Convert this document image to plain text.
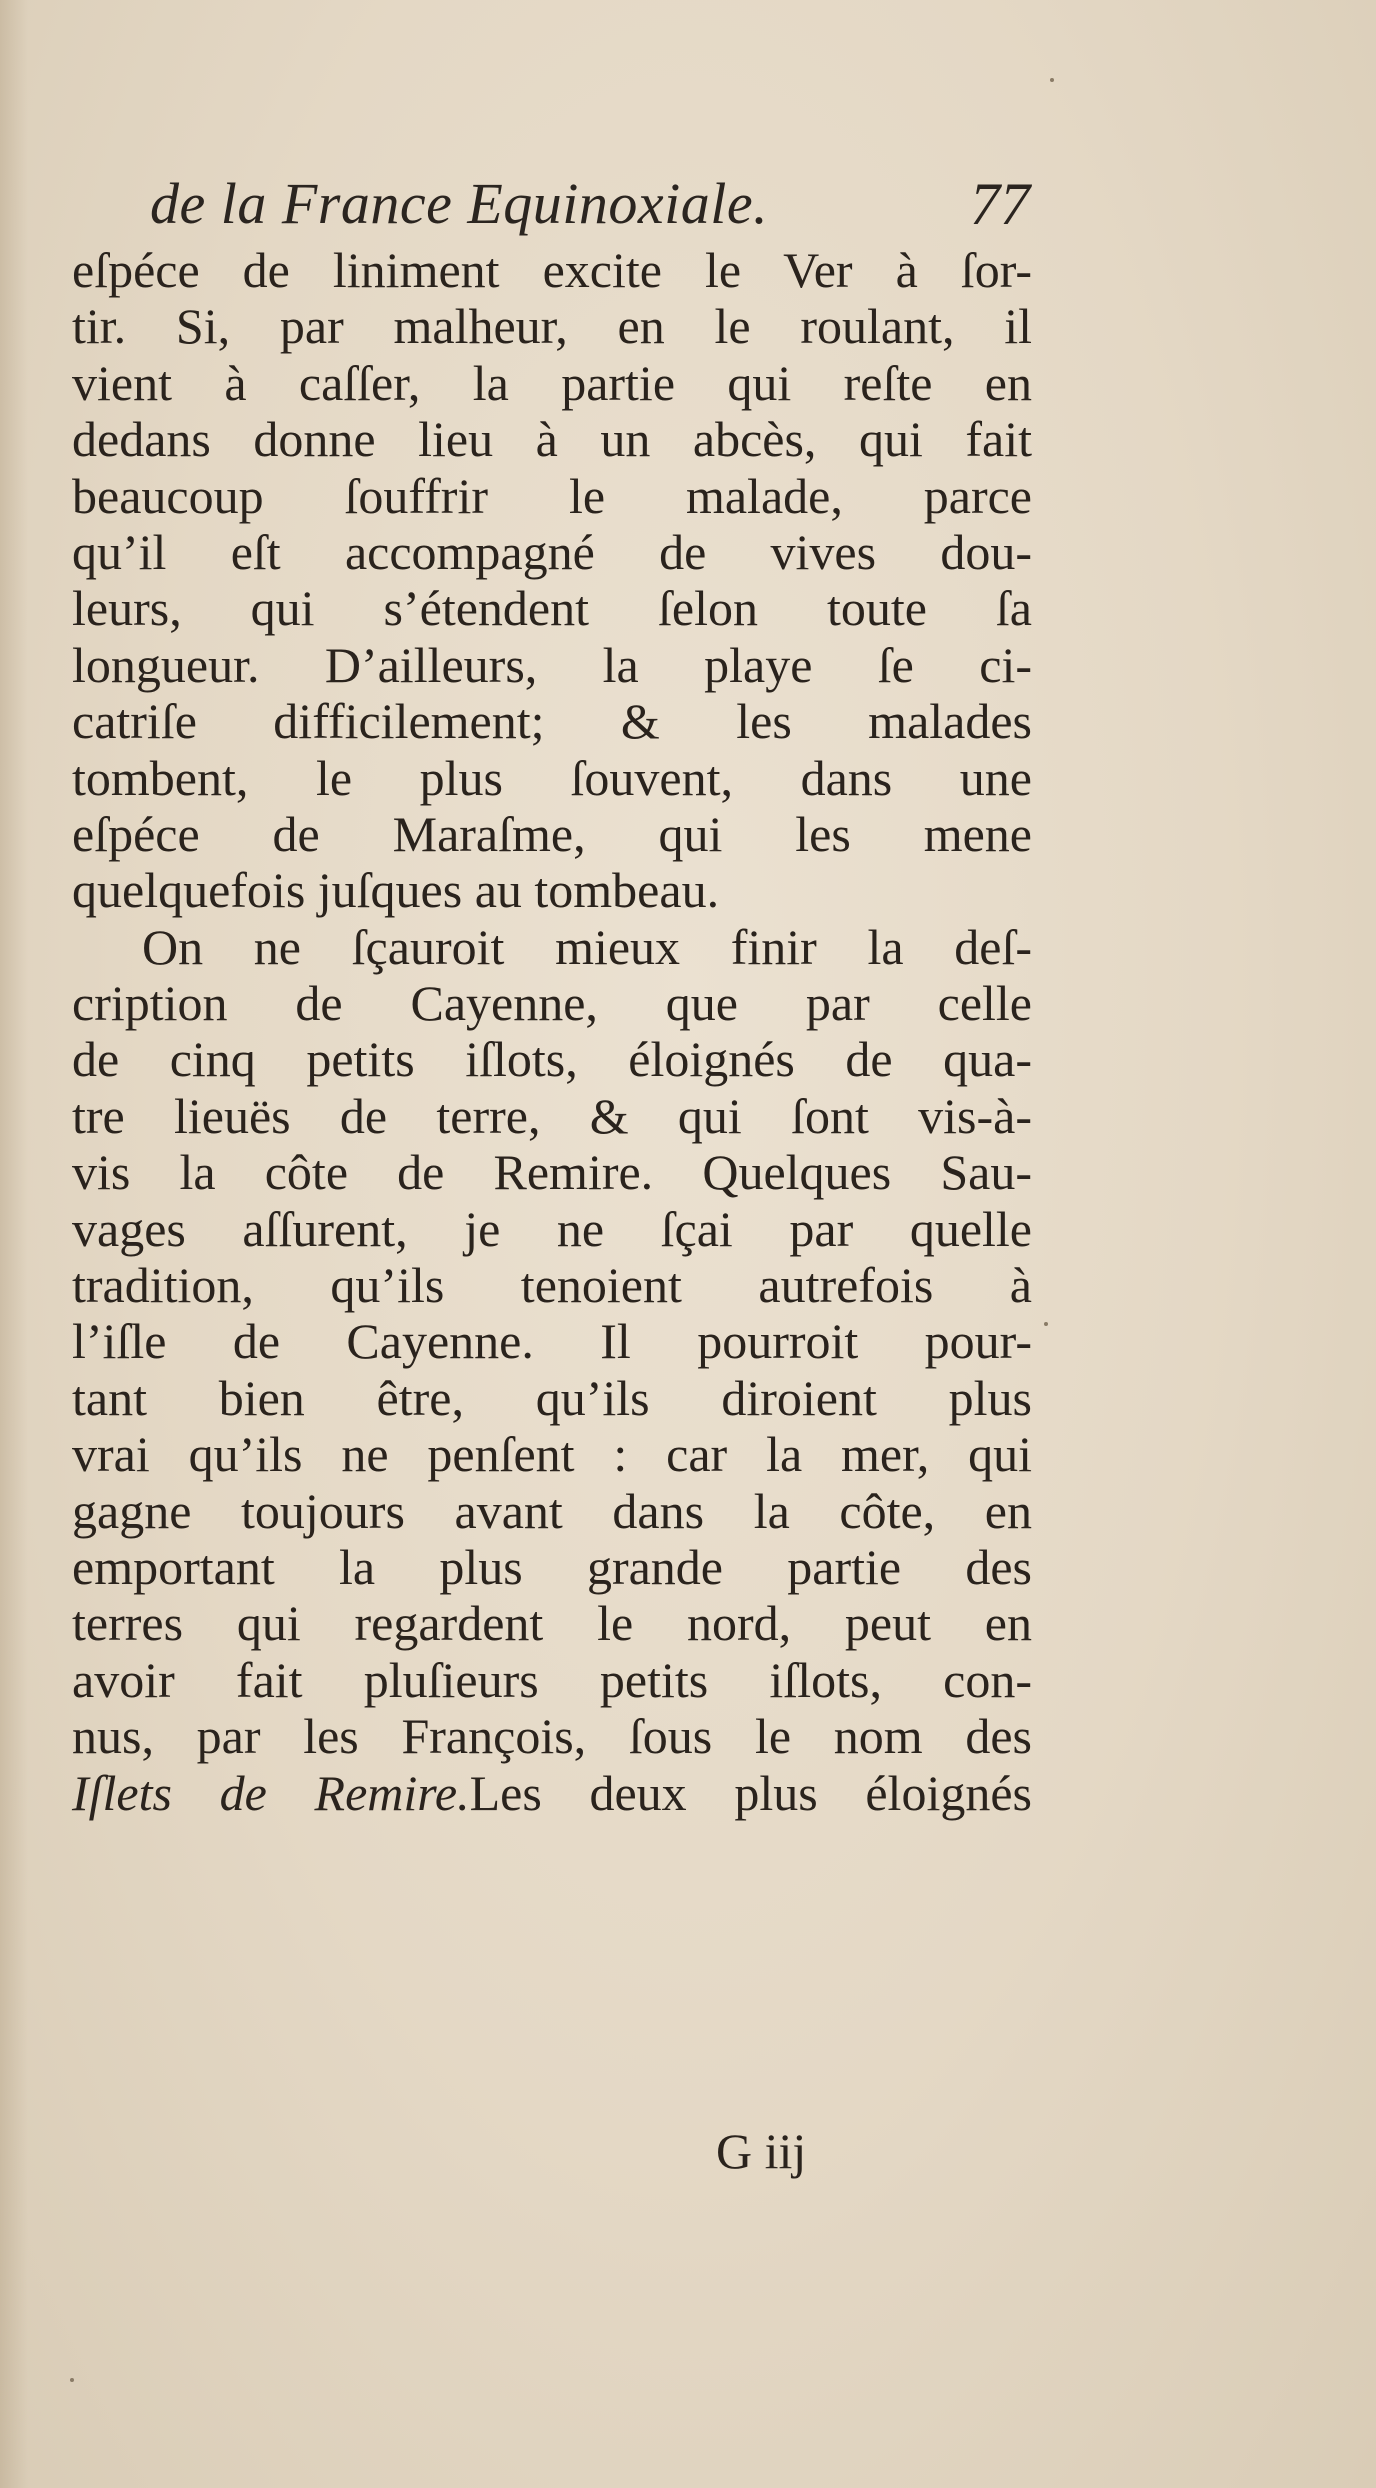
de la France Equinoxiale.	77
eſpéce de liniment excite le Ver à ſor-
tir. Si, par malheur, en le roulant, il
vient à caſſer, la partie qui reſte en
dedans donne lieu à un abcès, qui fait
beaucoup ſouffrir le malade, parce
qu’il eſt accompagné de vives dou-
leurs, qui s’étendent ſelon toute ſa
longueur. D’ailleurs, la playe ſe ci-
catriſe difficilement; & les malades
tombent, le plus ſouvent, dans une
eſpéce de Maraſme, qui les mene
quelquefois juſques au tombeau.
On ne ſçauroit mieux finir la deſ-
cription de Cayenne, que par celle
de cinq petits iſlots, éloignés de qua-
tre lieuës de terre, & qui ſont vis-à-
vis la côte de Remire. Quelques Sau-
vages aſſurent, je ne ſçai par quelle
tradition, qu’ils tenoient autrefois à
l’iſle de Cayenne. Il pourroit pour-
tant bien être, qu’ils diroient plus
vrai qu’ils ne penſent : car la mer, qui
gagne toujours avant dans la côte, en
emportant la plus grande partie des
terres qui regardent le nord, peut en
avoir fait pluſieurs petits iſlots, con-
nus, par les François, ſous le nom des
Iſlets de Remire.Les deux plus éloignés
G iij
